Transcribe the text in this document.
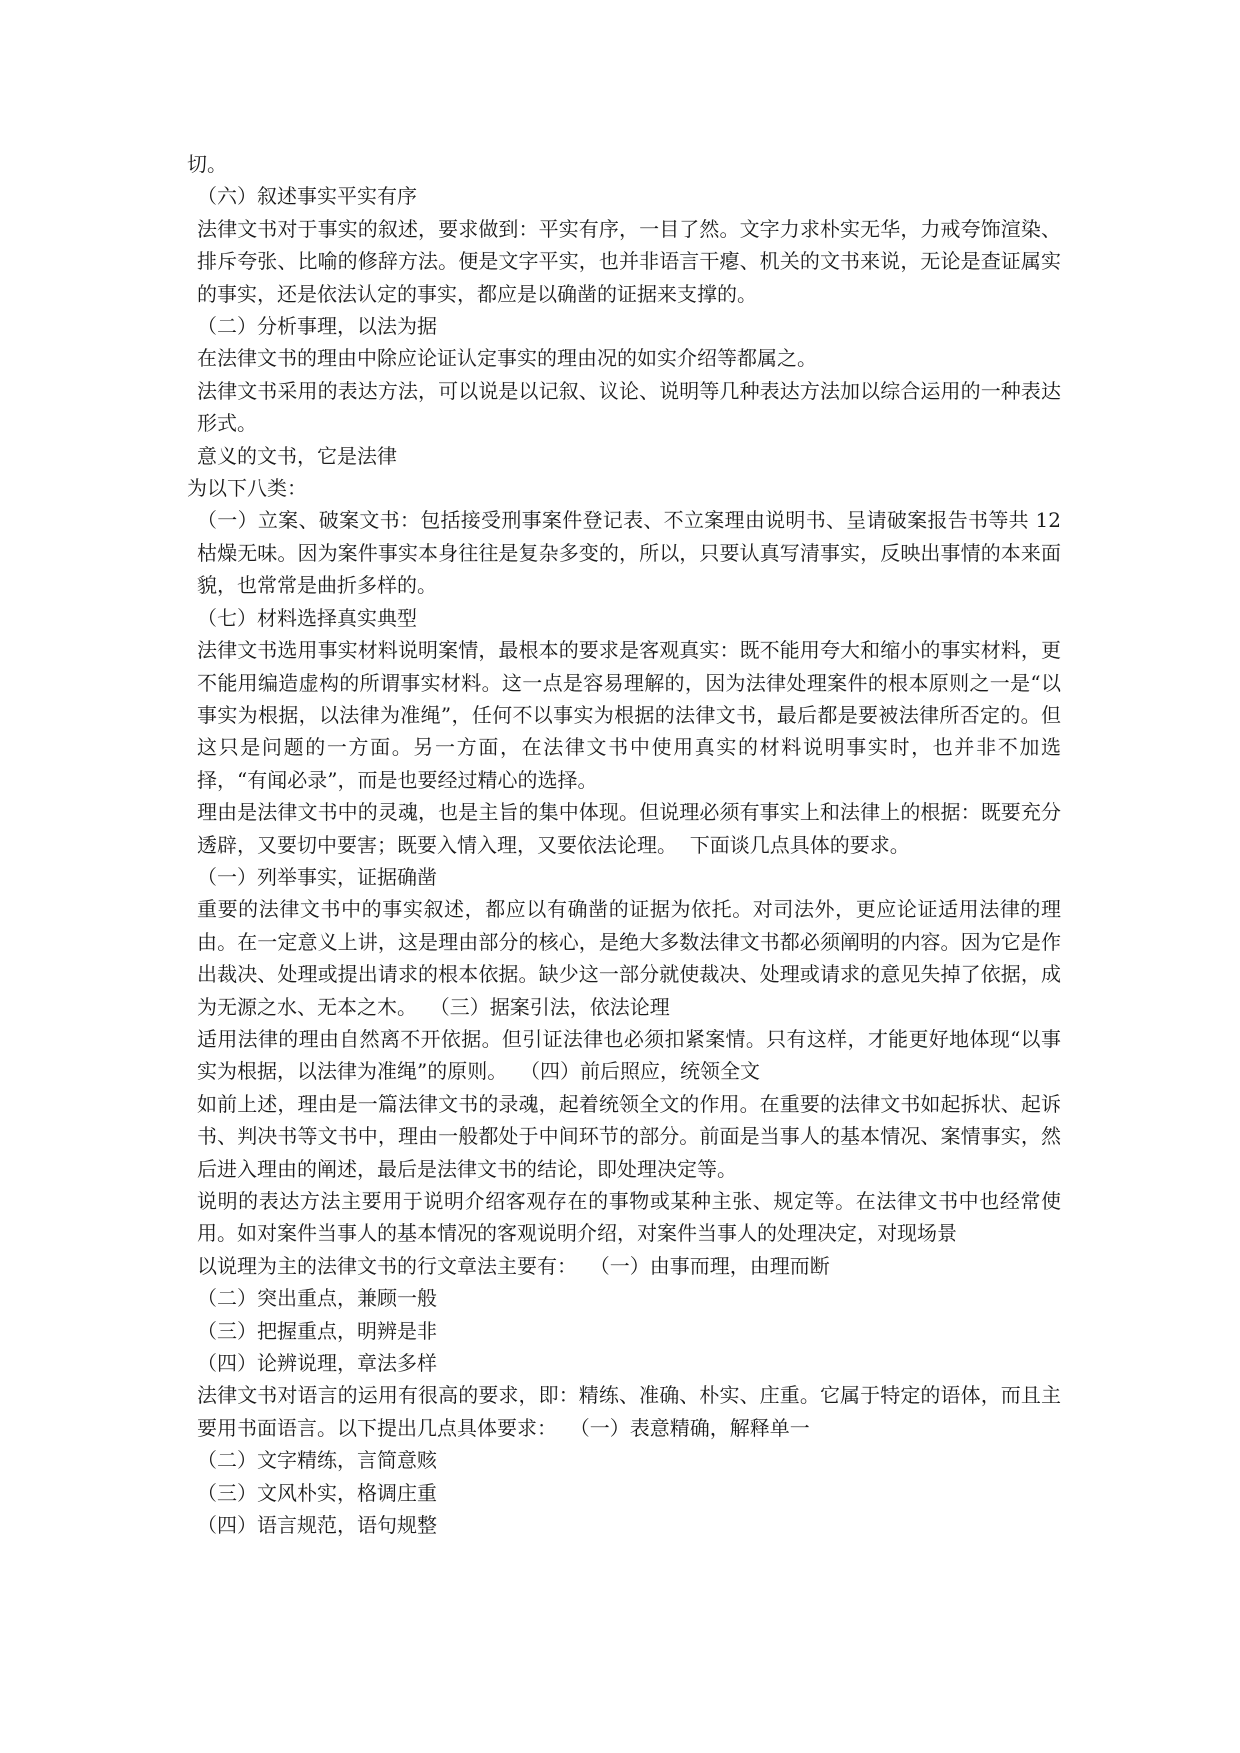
切。

（六）叙述事实平实有序

法律文书对于事实的叙述，要求做到：平实有序，一目了然。文字力求朴实无华，力戒夸饰渲染、排斥夸张、比喻的修辞方法。便是文字平实，也并非语言干瘪、机关的文书来说，无论是查证属实的事实，还是依法认定的事实，都应是以确凿的证据来支撑的。

（二）分析事理，以法为据

在法律文书的理由中除应论证认定事实的理由况的如实介绍等都属之。

法律文书采用的表达方法，可以说是以记叙、议论、说明等几种表达方法加以综合运用的一种表达形式。

意义的文书，它是法律

为以下八类：

（一）立案、破案文书：包括接受刑事案件登记表、不立案理由说明书、呈请破案报告书等共 12 枯燥无味。因为案件事实本身往往是复杂多变的，所以，只要认真写清事实，反映出事情的本来面貌，也常常是曲折多样的。

（七）材料选择真实典型

法律文书选用事实材料说明案情，最根本的要求是客观真实：既不能用夸大和缩小的事实材料，更不能用编造虚构的所谓事实材料。这一点是容易理解的，因为法律处理案件的根本原则之一是“以事实为根据，以法律为准绳”，任何不以事实为根据的法律文书，最后都是要被法律所否定的。但这只是问题的一方面。另一方面，在法律文书中使用真实的材料说明事实时，也并非不加选择，“有闻必录”，而是也要经过精心的选择。

理由是法律文书中的灵魂，也是主旨的集中体现。但说理必须有事实上和法律上的根据：既要充分透辟，又要切中要害；既要入情入理，又要依法论理。  下面谈几点具体的要求。

（一）列举事实，证据确凿

重要的法律文书中的事实叙述，都应以有确凿的证据为依托。对司法外，更应论证适用法律的理由。在一定意义上讲，这是理由部分的核心，是绝大多数法律文书都必须阐明的内容。因为它是作出裁决、处理或提出请求的根本依据。缺少这一部分就使裁决、处理或请求的意见失掉了依据，成为无源之水、无本之木。  （三）据案引法，依法论理

适用法律的理由自然离不开依据。但引证法律也必须扣紧案情。只有这样，才能更好地体现“以事实为根据，以法律为准绳”的原则。  （四）前后照应，统领全文

如前上述，理由是一篇法律文书的录魂，起着统领全文的作用。在重要的法律文书如起拆状、起诉书、判决书等文书中，理由一般都处于中间环节的部分。前面是当事人的基本情况、案情事实，然后进入理由的阐述，最后是法律文书的结论，即处理决定等。

说明的表达方法主要用于说明介绍客观存在的事物或某种主张、规定等。在法律文书中也经常使用。如对案件当事人的基本情况的客观说明介绍，对案件当事人的处理决定，对现场景

以说理为主的法律文书的行文章法主要有：  （一）由事而理，由理而断

（二）突出重点，兼顾一般

（三）把握重点，明辨是非

（四）论辨说理，章法多样

法律文书对语言的运用有很高的要求，即：精练、准确、朴实、庄重。它属于特定的语体，而且主要用书面语言。以下提出几点具体要求：  （一）表意精确，解释单一

（二）文字精练，言简意赅

（三）文风朴实，格调庄重

（四）语言规范，语句规整
